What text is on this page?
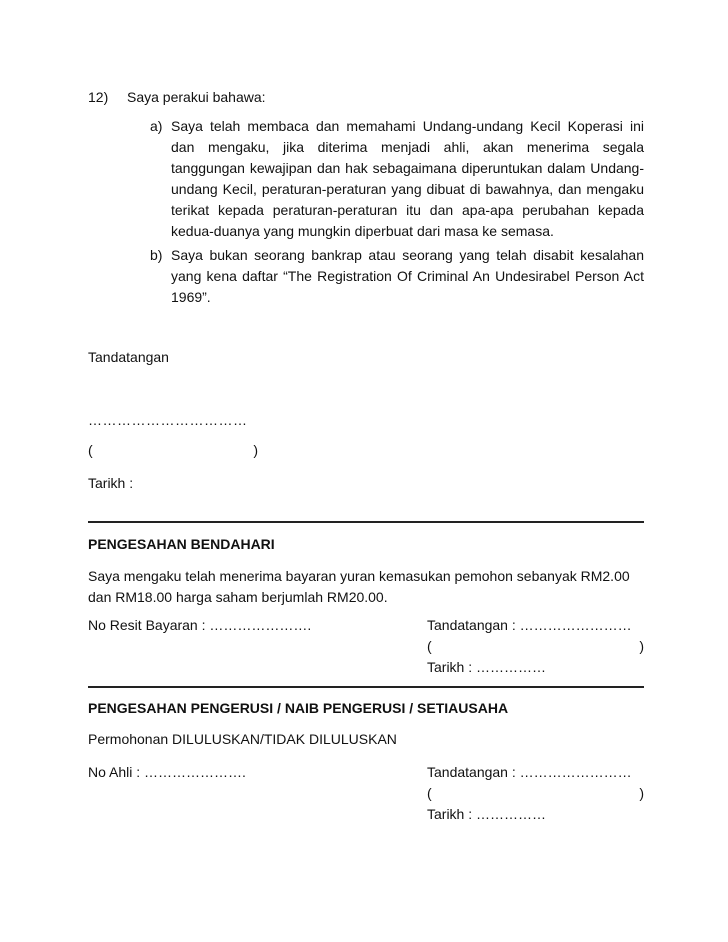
12) Saya perakui bahawa:
a) Saya telah membaca dan memahami Undang-undang Kecil Koperasi ini dan mengaku, jika diterima menjadi ahli, akan menerima segala tanggungan kewajipan dan hak sebagaimana diperuntukan dalam Undang-undang Kecil, peraturan-peraturan yang dibuat di bawahnya, dan mengaku terikat kepada peraturan-peraturan itu dan apa-apa perubahan kepada kedua-duanya yang mungkin diperbuat dari masa ke semasa.
b) Saya bukan seorang bankrap atau seorang yang telah disabit kesalahan yang kena daftar “The Registration Of Criminal An Undesirabel Person Act 1969”.
Tandatangan
……………………………
(	)
Tarikh :
PENGESAHAN BENDAHARI
Saya mengaku telah menerima bayaran yuran kemasukan pemohon sebanyak RM2.00 dan RM18.00 harga saham berjumlah RM20.00.
No Resit Bayaran : ………………….	Tandatangan : ……………………
(	)
Tarikh : ……………
PENGESAHAN PENGERUSI / NAIB PENGERUSI / SETIAUSAHA
Permohonan DILULUSKAN/TIDAK DILULUSKAN
No Ahli : ………………….	Tandatangan : ……………………
(	)
Tarikh : ……………
